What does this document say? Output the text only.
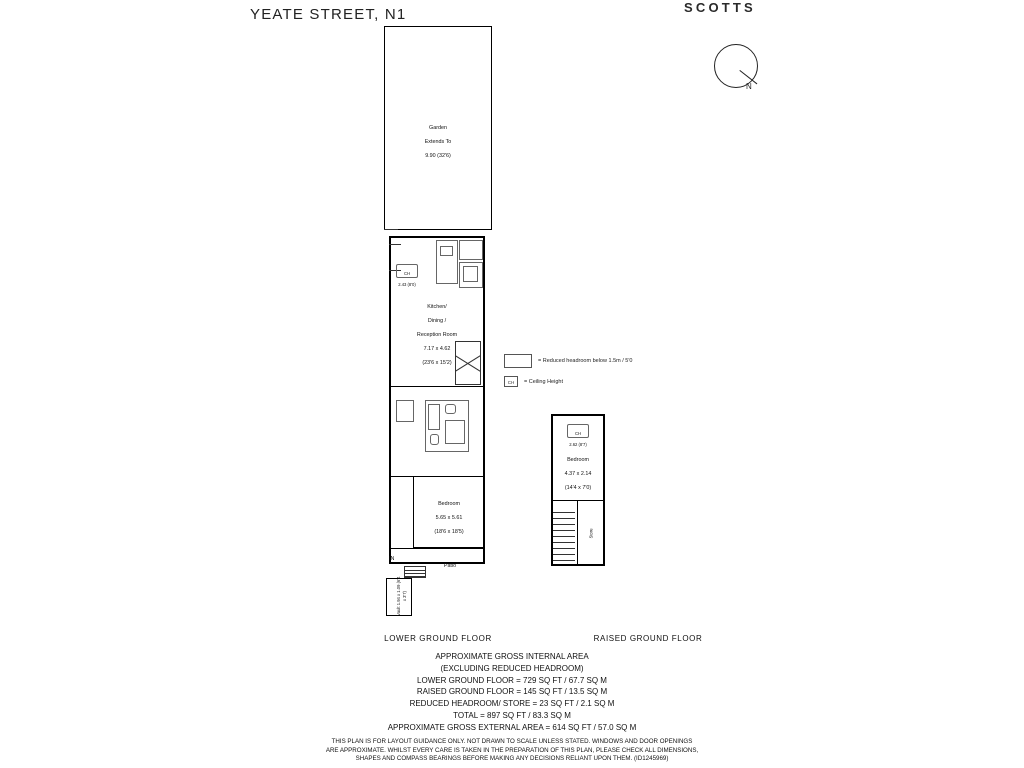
YEATE STREET, N1	SCOTTS
N

Garden

Extends To

9.90 (32'6)

CH

2.43 (8'0)

Kitchen/

Dining /

Reception Room

7.17 x 4.62

(23'6 x 15'2)

Bedroom

5.65 x 5.61

(18'6 x 18'5)

Patio

IN

Vault 1.94 x 1.09 (6'4 x 3'7)

CH

2.62 (8'7)

Bedroom

4.37 x 2.14

(14'4 x 7'0)

Store

= Reduced headroom below 1.5m / 5'0
CH	= Ceiling Height
LOWER GROUND FLOOR	RAISED GROUND FLOOR
APPROXIMATE GROSS INTERNAL AREA
(EXCLUDING REDUCED HEADROOM)
LOWER GROUND FLOOR = 729 SQ FT / 67.7 SQ M
RAISED GROUND FLOOR = 145 SQ FT / 13.5 SQ M
REDUCED HEADROOM/ STORE = 23 SQ FT / 2.1 SQ M
TOTAL = 897 SQ FT / 83.3 SQ M
APPROXIMATE GROSS EXTERNAL AREA = 614 SQ FT / 57.0 SQ M
THIS PLAN IS FOR LAYOUT GUIDANCE ONLY. NOT DRAWN TO SCALE UNLESS STATED. WINDOWS AND DOOR OPENINGS
ARE APPROXIMATE. WHILST EVERY CARE IS TAKEN IN THE PREPARATION OF THIS PLAN, PLEASE CHECK ALL DIMENSIONS,
SHAPES AND COMPASS BEARINGS BEFORE MAKING ANY DECISIONS RELIANT UPON THEM. (ID1245969)
